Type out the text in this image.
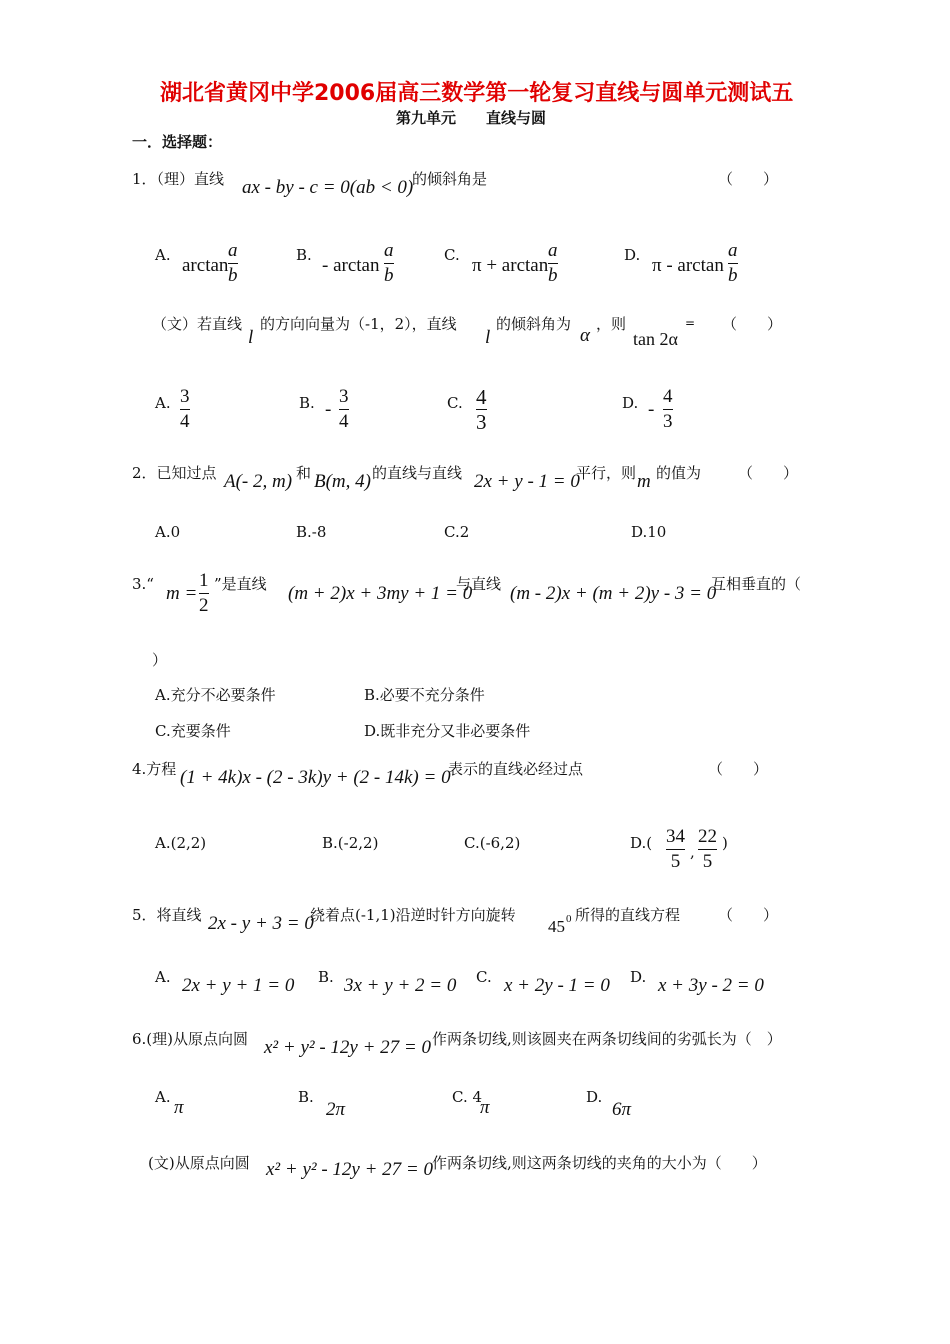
湖北省黄冈中学2006届高三数学第一轮复习直线与圆单元测试五
第九单元　　直线与圆
一．选择题：
1．（理）直线 ax - by - c = 0(ab < 0)
的倾斜角是	（　　）
A. arctan
a
b
B. - arctan
a
b
C. π + arctan
a
b
D. π - arctan
a
b
（文）若直线
l
的方向向量为（-1，2），直线
l
的倾斜角为
α
，则
tan 2α
= （　　）
A. 3
4
B. -
3
4
C. 4
3
D. -
4
3
2．已知过点 A(- 2, m) 和 B(m, 4) 的直线与直线 2x + y - 1 = 0
平行，则 m 的值为 （　　）
A.0	B.-8	C.2	D.10
3.“ m =
1
2
”是直线 (m + 2)x + 3my + 1 = 0
与直线 (m - 2)x + (m + 2)y - 3 = 0
互相垂直的（
）
A.充分不必要条件	B.必要不充分条件
C.充要条件	D.既非充分又非必要条件
4.方程 (1 + 4k)x - (2 - 3k)y + (2 - 14k) = 0
表示的直线必经过点	（　　）
A.(2,2)	B.(-2,2)	C.(-6,2)	D.( 34
5 ,
22
5
)
5．将直线 2x - y + 3 = 0
绕着点(-1,1)沿逆时针方向旋转
45 0 所得的直线方程	（　　）
A. 2x + y + 1 = 0 B. 3x + y + 2 = 0 C. x + 2y - 1 = 0 D. x + 3y - 2 = 0
6.(理)从原点向圆 x² + y² - 12y + 27 = 0 作两条切线,则该圆夹在两条切线间的劣弧长为（　）
A. π	B.
2π
C. 4
π	D.
6π
(文)从原点向圆 x² + y² - 12y + 27 = 0 作两条切线,则这两条切线的夹角的大小为（　　）
